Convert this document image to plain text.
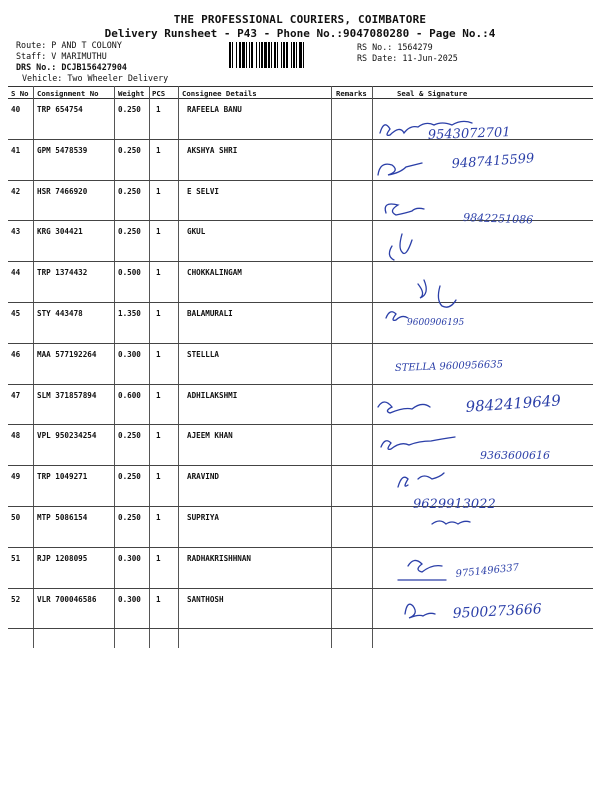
THE PROFESSIONAL COURIERS, COIMBATORE
Delivery Runsheet - P43 - Phone No.:9047080280 - Page No.:4
Route: P AND T COLONY
Staff: V MARIMUTHU
DRS No.: DCJB156427904
Vehicle: Two Wheeler Delivery
RS No.: 1564279
RS Date: 11-Jun-2025
S No Consignment No	Weight PCS Consignee Details	Remarks	Seal & Signature
40 TRP 654754	0.250 1	RAFEELA BANU
41 GPM 5478539	0.250 1	AKSHYA SHRI
42 HSR 7466920	0.250 1	E SELVI
43 KRG 304421	0.250 1	GKUL
44 TRP 1374432	0.500 1	CHOKKALINGAM
45 STY 443478	1.350 1	BALAMURALI
46 MAA 577192264	0.300 1	STELLLA
47 SLM 371857894	0.600 1	ADHILAKSHMI
48 VPL 950234254	0.250 1	AJEEM KHAN
49 TRP 1049271	0.250 1	ARAVIND
50 MTP 5086154	0.250 1	SUPRIYA
51 RJP 1208095	0.300 1	RADHAKRISHHNAN
52 VLR 700046586	0.300 1	SANTHOSH
9543072701
9487415599
9842251086
9600906195
STELLA 9600956635
9842419649
9363600616
9629913022
9751496337
9500273666
